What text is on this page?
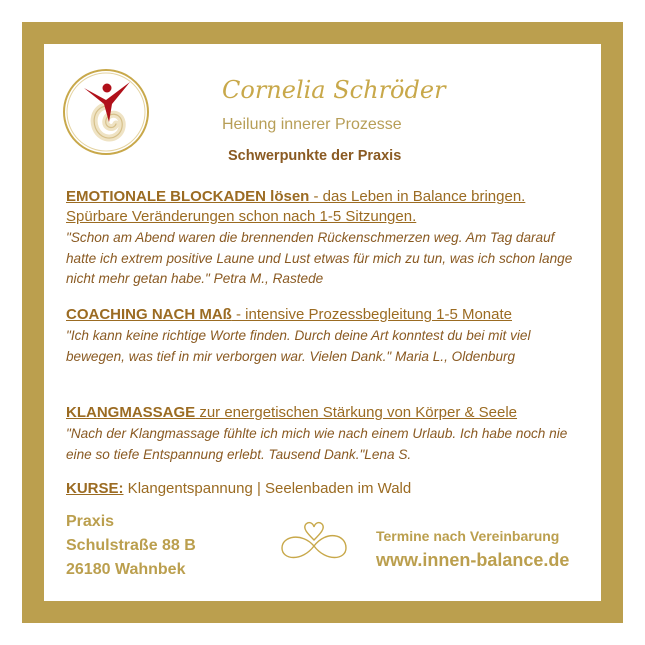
Cornelia Schröder
Heilung innerer Prozesse
Schwerpunkte der Praxis
EMOTIONALE BLOCKADEN lösen - das Leben in Balance bringen. Spürbare Veränderungen schon nach 1-5 Sitzungen.
"Schon am Abend waren die brennenden Rückenschmerzen weg. Am Tag darauf hatte ich extrem positive Laune und Lust etwas für mich zu tun, was ich schon lange nicht mehr getan habe." Petra M., Rastede
COACHING NACH MAß - intensive Prozessbegleitung 1-5 Monate
"Ich kann keine richtige Worte finden. Durch deine Art konntest du bei mit viel bewegen, was tief in mir verborgen war. Vielen Dank." Maria L., Oldenburg
KLANGMASSAGE zur energetischen Stärkung von Körper & Seele
"Nach der Klangmassage fühlte ich mich wie nach einem Urlaub. Ich habe noch nie eine so tiefe Entspannung erlebt. Tausend Dank."Lena S.
KURSE: Klangentspannung | Seelenbaden im Wald
Praxis
Schulstraße 88 B
26180 Wahnbek
Termine nach Vereinbarung
www.innen-balance.de
